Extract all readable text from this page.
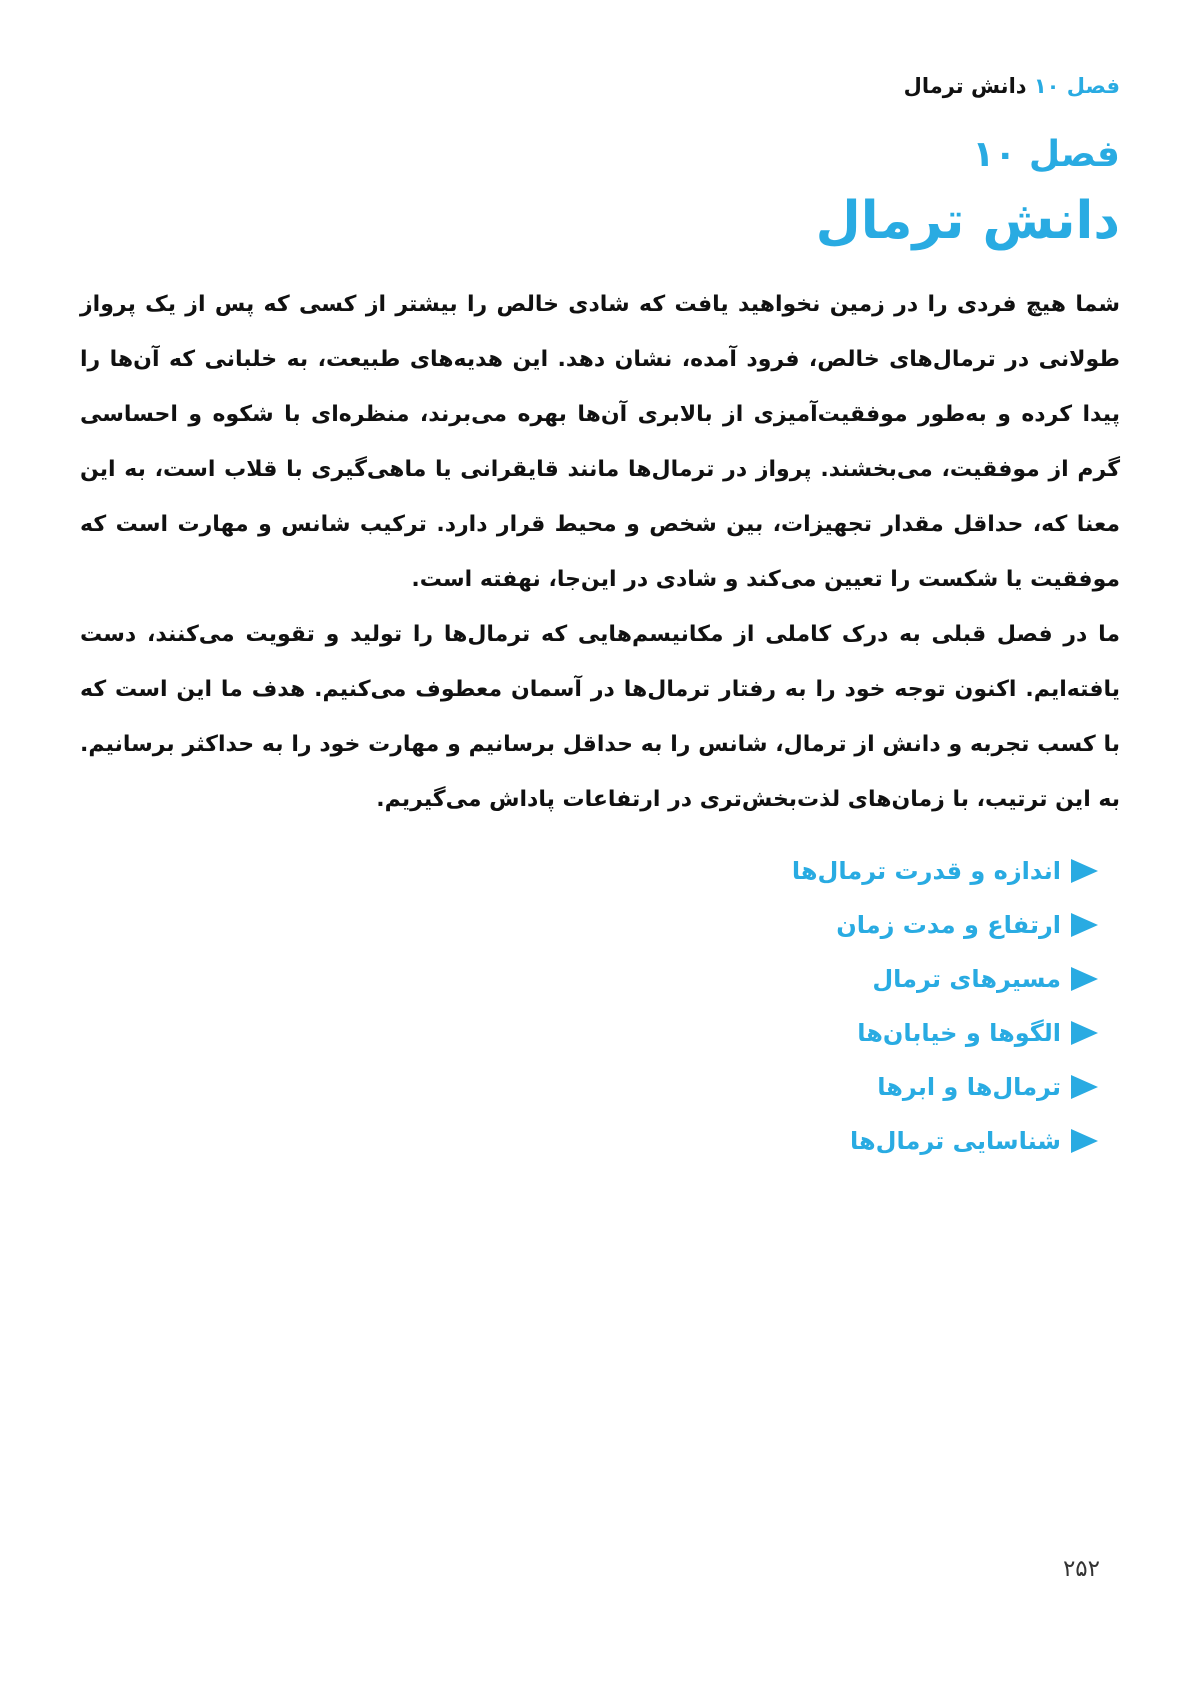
فصل ۱۰ دانش ترمال
فصل ۱۰
دانش ترمال

شما هیچ فردی را در زمین نخواهید یافت که شادی خالص را بیشتر از کسی که پس از یک پرواز طولانی در ترمال‌های خالص، فرود آمده، نشان دهد. این هدیه‌های طبیعت، به خلبانی که آن‌ها را پیدا کرده و به‌طور موفقیت‌آمیزی از بالابری آن‌ها بهره می‌برند، منظره‌ای با شکوه و احساسی گرم از موفقیت، می‌بخشند. پرواز در ترمال‌ها مانند قایقرانی یا ماهی‌گیری با قلاب است، به این معنا که، حداقل مقدار تجهیزات، بین شخص و محیط قرار دارد. ترکیب شانس و مهارت است که موفقیت یا شکست را تعیین می‌کند و شادی در این‌جا، نهفته است.

ما در فصل قبلی به درک کاملی از مکانیسم‌هایی که ترمال‌ها را تولید و تقویت می‌کنند، دست یافته‌ایم. اکنون توجه خود را به رفتار ترمال‌ها در آسمان معطوف می‌کنیم. هدف ما این است که با کسب تجربه و دانش از ترمال، شانس را به حداقل برسانیم و مهارت خود را به حداکثر برسانیم. به این ترتیب، با زمان‌های لذت‌بخش‌تری در ارتفاعات پاداش می‌گیریم.

اندازه و قدرت ترمال‌ها
ارتفاع و مدت زمان
مسیرهای ترمال
الگوها و خیابان‌ها
ترمال‌ها و ابرها
شناسایی ترمال‌ها
۲۵۲
